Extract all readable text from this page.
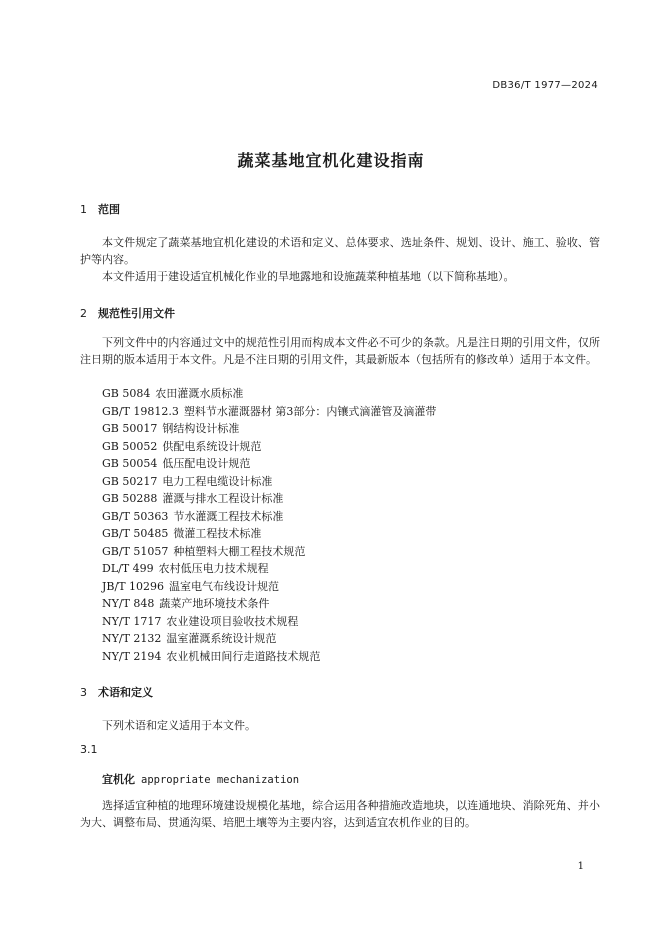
DB36/T 1977—2024
蔬菜基地宜机化建设指南
1 范围
本文件规定了蔬菜基地宜机化建设的术语和定义、总体要求、选址条件、规划、设计、施工、验收、管护等内容。
本文件适用于建设适宜机械化作业的旱地露地和设施蔬菜种植基地（以下简称基地）。
2 规范性引用文件
下列文件中的内容通过文中的规范性引用而构成本文件必不可少的条款。凡是注日期的引用文件，仅所注日期的版本适用于本文件。凡是不注日期的引用文件，其最新版本（包括所有的修改单）适用于本文件。
GB 5084 农田灌溉水质标准
GB/T 19812.3 塑料节水灌溉器材 第3部分：内镶式滴灌管及滴灌带
GB 50017 钢结构设计标准
GB 50052 供配电系统设计规范
GB 50054 低压配电设计规范
GB 50217 电力工程电缆设计标准
GB 50288 灌溉与排水工程设计标准
GB/T 50363 节水灌溉工程技术标准
GB/T 50485 微灌工程技术标准
GB/T 51057 种植塑料大棚工程技术规范
DL/T 499 农村低压电力技术规程
JB/T 10296 温室电气布线设计规范
NY/T 848 蔬菜产地环境技术条件
NY/T 1717 农业建设项目验收技术规程
NY/T 2132 温室灌溉系统设计规范
NY/T 2194 农业机械田间行走道路技术规范
3 术语和定义
下列术语和定义适用于本文件。
3.1
宜机化 appropriate mechanization
选择适宜种植的地理环境建设规模化基地，综合运用各种措施改造地块，以连通地块、消除死角、并小为大、调整布局、贯通沟渠、培肥土壤等为主要内容，达到适宜农机作业的目的。
1
